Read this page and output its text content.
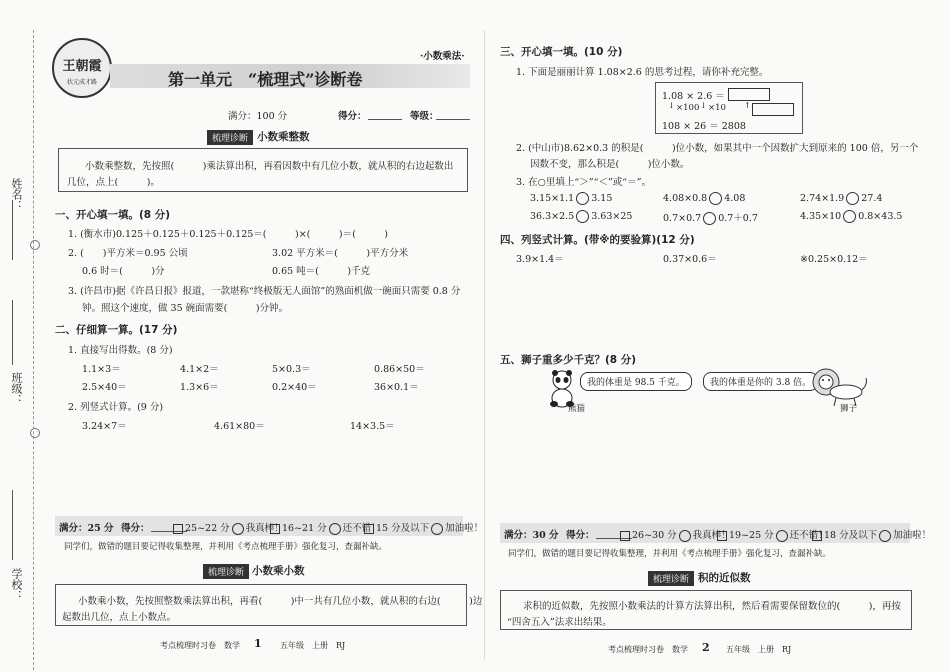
姓名：
班级：
学校：
王朝霞
状元成才路
·小数乘法·
第一单元　“梳理式”诊断卷
满分：100 分	得分：	等级：
梳理诊断 小数乘整数
小数乘整数，先按照(　　　)乘法算出积，再看因数中有几位小数，就从积的右边起数出
几位，点上(　　　)。
一、开心填一填。(8 分)
1. (衡水市)0.125＋0.125＋0.125＋0.125＝(　　　)×(　　　)＝(　　　)
2. (　　)平方米＝0.95 公顷	3.02 平方米＝(　　　)平方分米
0.6 时＝(　　　)分	0.65 吨＝(　　　)千克
3. (许昌市)据《许昌日报》报道，一款堪称“终极版无人面馆”的熟面机做一碗面只需要 0.8 分
钟。照这个速度，做 35 碗面需要(　　　)分钟。
二、仔细算一算。(17 分)
1. 直接写出得数。(8 分)
1.1×3＝	4.1×2＝	5×0.3＝	0.86×50＝
2.5×40＝	1.3×6＝	0.2×40＝	36×0.1＝
2. 列竖式计算。(9 分)
3.24×7＝	4.61×80＝	14×3.5＝
满分：25 分 得分：	25~22 分 我真棒！
16~21 分 还不错！
15 分及以下 加油啦！
同学们，做错的题目要记得收集整理，并利用《考点梳理手册》强化复习，查漏补缺。
梳理诊断 小数乘小数
小数乘小数，先按照整数乘法算出积，再看(　　　)中一共有几位小数，就从积的右边(　　　)边
起数出几位，点上小数点。
考点梳理时习卷　数学 1 五年级　上册　RJ
三、开心填一填。(10 分)
1. 下面是丽丽计算 1.08×2.6 的思考过程，请你补充完整。
1.08 × 2.6 ＝
↓ ×100 ↓ ×10 ↑
108 × 26 ＝ 2808
2. (中山市)8.62×0.3 的积是(　　　)位小数，如果其中一个因数扩大到原来的 100 倍，另一个
因数不变，那么积是(　　　)位小数。
3. 在○里填上“＞”“＜”或“＝”。
3.15×1.1 3.15	4.08×0.8 4.08	2.74×1.9 27.4
36.3×2.5 3.63×25	0.7×0.7 0.7＋0.7	4.35×10 0.8×43.5
四、列竖式计算。(带※的要验算)(12 分)
3.9×1.4＝	0.37×0.6＝	※0.25×0.12＝
五、狮子重多少千克？(8 分)
熊猫
我的体重是 98.5 千克。	我的体重是你的 3.8 倍。
狮子
满分：30 分 得分：	26~30 分 我真棒！
19~25 分 还不错！
18 分及以下 加油啦！
同学们，做错的题目要记得收集整理，并利用《考点梳理手册》强化复习，查漏补缺。
梳理诊断 积的近似数
求积的近似数，先按照小数乘法的计算方法算出积，然后看需要保留数位的(　　　)，再按
“四舍五入”法求出结果。
考点梳理时习卷　数学 2 五年级　上册　RJ
